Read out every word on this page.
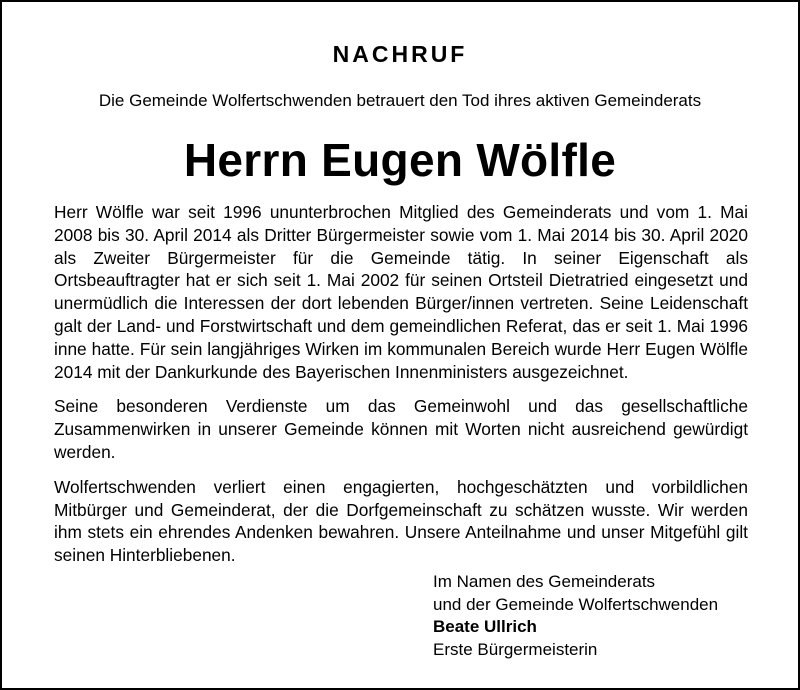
NACHRUF
Die Gemeinde Wolfertschwenden betrauert den Tod ihres aktiven Gemeinderats
Herrn Eugen Wölfle

Herr Wölfle war seit 1996 ununterbrochen Mitglied des Gemeinderats und vom 1. Mai 2008 bis 30. April 2014 als Dritter Bürgermeister sowie vom 1. Mai 2014 bis 30. April 2020 als Zweiter Bürgermeister für die Gemeinde tätig. In seiner Eigenschaft als Ortsbeauftragter hat er sich seit 1. Mai 2002 für seinen Ortsteil Dietratried eingesetzt und unermüdlich die Interessen der dort lebenden Bürger/innen vertreten. Seine Leidenschaft galt der Land- und Forstwirtschaft und dem gemeindlichen Referat, das er seit 1. Mai 1996 inne hatte. Für sein langjähriges Wirken im kommunalen Bereich wurde Herr Eugen Wölfle 2014 mit der Dankurkunde des Bayerischen Innenministers ausgezeichnet.

Seine besonderen Verdienste um das Gemeinwohl und das gesellschaftliche Zusammenwirken in unserer Gemeinde können mit Worten nicht ausreichend gewürdigt werden.

Wolfertschwenden verliert einen engagierten, hochgeschätzten und vorbildlichen Mitbürger und Gemeinderat, der die Dorfgemeinschaft zu schätzen wusste. Wir werden ihm stets ein ehrendes Andenken bewahren. Unsere Anteilnahme und unser Mitgefühl gilt seinen Hinterbliebenen.

Im Namen des Gemeinderats
und der Gemeinde Wolfertschwenden
Beate Ullrich
Erste Bürgermeisterin
